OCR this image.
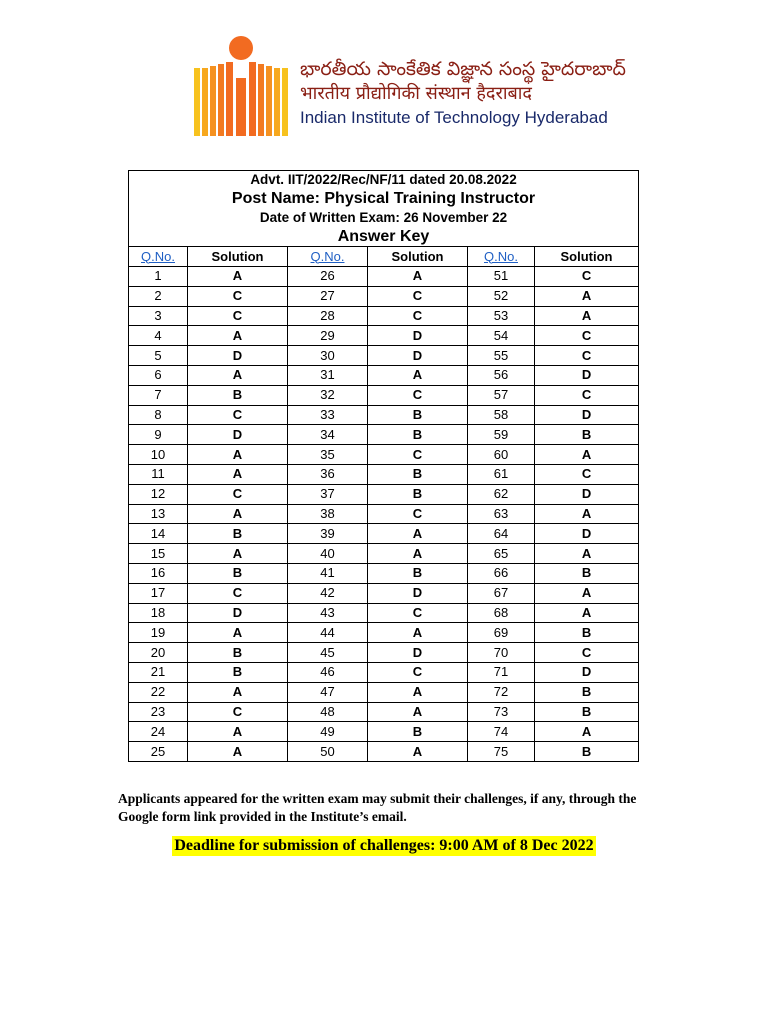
భారతీయ సాంకేతిక విజ్ఞాన సంస్థ హైదరాబాద్
भारतीय प्रौद्योगिकी संस्थान हैदराबाद
Indian Institute of Technology Hyderabad
Advt. IIT/2022/Rec/NF/11 dated 20.08.2022					
Post Name: Physical Training Instructor					
Date of Written Exam: 26 November 22					
Answer Key					
Q.No.	Solution	Q.No.	Solution	Q.No.	Solution
1	A	26	A	51	C
2	C	27	C	52	A
3	C	28	C	53	A
4	A	29	D	54	C
5	D	30	D	55	C
6	A	31	A	56	D
7	B	32	C	57	C
8	C	33	B	58	D
9	D	34	B	59	B
10	A	35	C	60	A
11	A	36	B	61	C
12	C	37	B	62	D
13	A	38	C	63	A
14	B	39	A	64	D
15	A	40	A	65	A
16	B	41	B	66	B
17	C	42	D	67	A
18	D	43	C	68	A
19	A	44	A	69	B
20	B	45	D	70	C
21	B	46	C	71	D
22	A	47	A	72	B
23	C	48	A	73	B
24	A	49	B	74	A
25	A	50	A	75	B
Applicants appeared for the written exam may submit their challenges, if any, through the Google form link provided in the Institute’s email.
Deadline for submission of challenges: 9:00 AM of 8 Dec 2022
